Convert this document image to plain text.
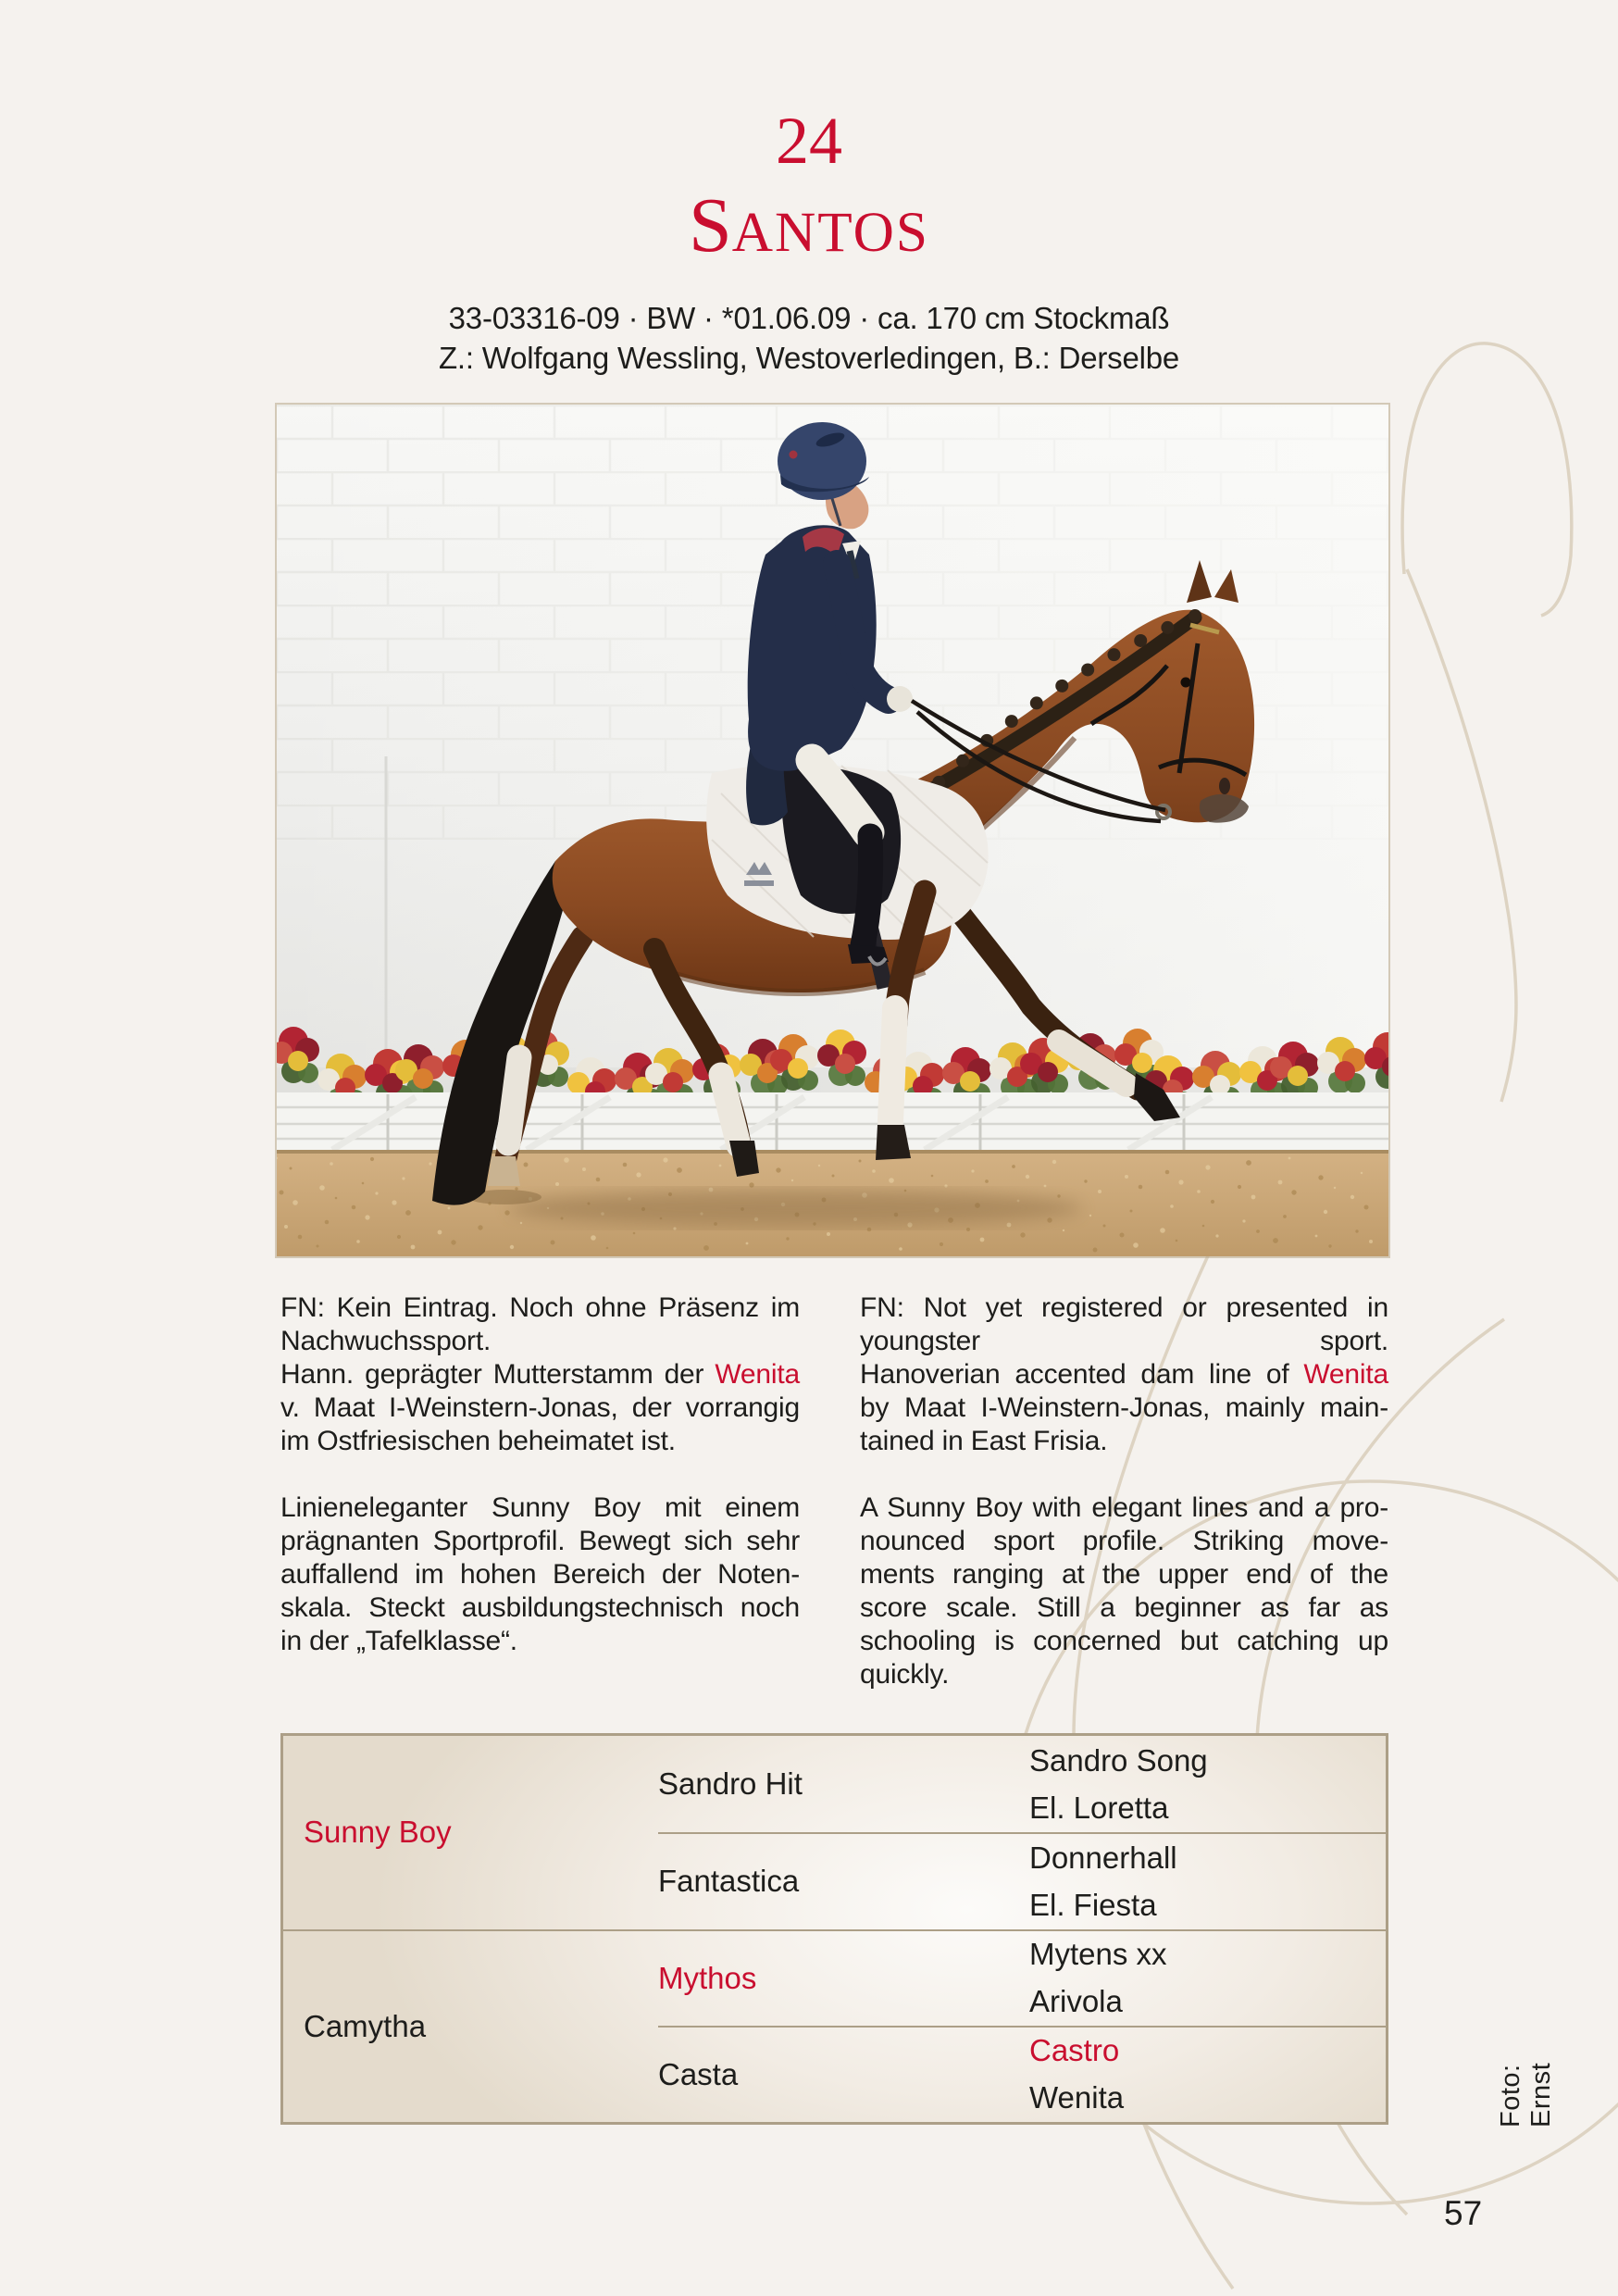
24
SANTOS
33-03316-09 · BW · *01.06.09 · ca. 170 cm Stockmaß
Z.: Wolfgang Wessling, Westoverledingen, B.: Derselbe
FN: Kein Eintrag. Noch ohne Präsenz im
Nachwuchssport.
Hann. geprägter Mutterstamm der Wenita
v. Maat I-Weinstern-Jonas, der vorrangig
im Ostfriesischen beheimatet ist.
Linieneleganter Sunny Boy mit einem
prägnanten Sportprofil. Bewegt sich sehr
auffallend im hohen Bereich der Noten-
skala. Steckt ausbildungstechnisch noch
in der „Tafelklasse“.
FN: Not yet registered or presented in
youngster sport.
Hanoverian accented dam line of Wenita
by Maat I-Weinstern-Jonas, mainly main-
tained in East Frisia.
A Sunny Boy with elegant lines and a pro-
nounced sport profile. Striking move-
ments ranging at the upper end of the
score scale. Still a beginner as far as
schooling is concerned but catching up
quickly.
Sunny Boy
Camytha
Sandro Hit
Sandro Song
El. Loretta
Fantastica
Donnerhall
El. Fiesta
Mythos
Mytens xx
Arivola
Casta
Castro
Wenita	Foto: Ernst
57
